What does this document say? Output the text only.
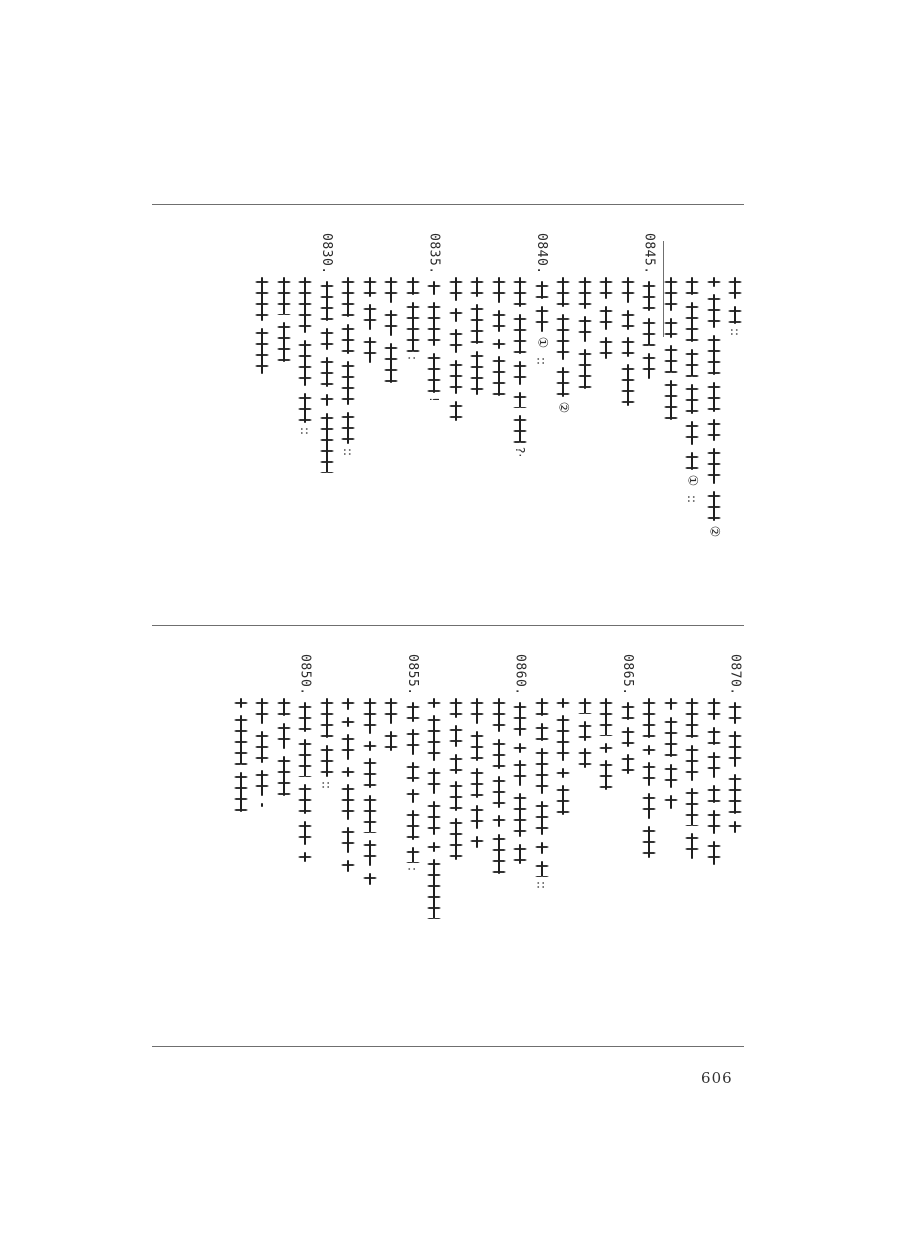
::
②
①
::
0845.
②
0840.
①
::
?·
0835.
!
:
::
0830.
::
0870.
0865.
::
0860.
0855.
:
::
0850.
909
